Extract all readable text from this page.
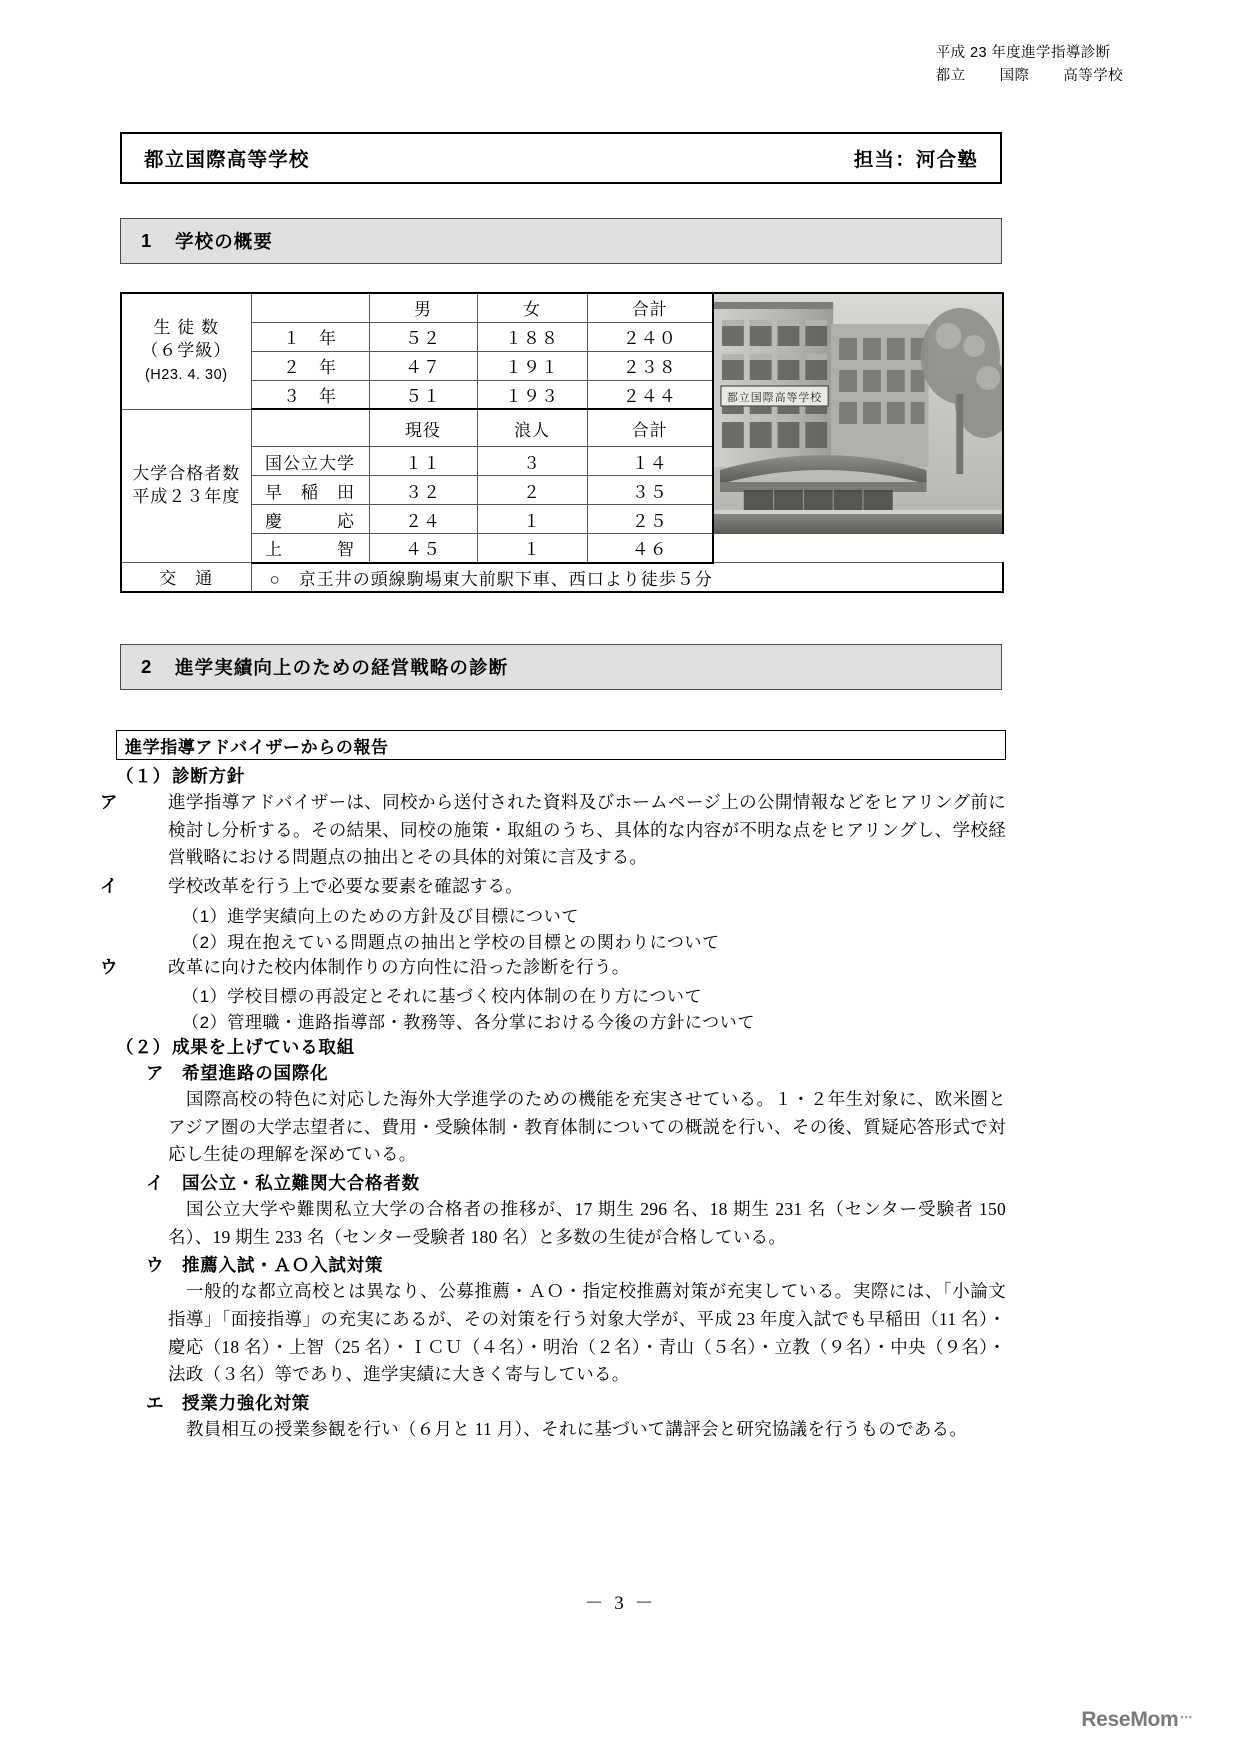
平成 23 年度進学指導診断
都立 国際 高等学校
都立国際高等学校	担当：河合塾
1	学校の概要
生 徒 数
（６学級）
(H23. 4. 30)		男	女	合計	都立国際高等学校

	１　年	５２	１８８	２４０	
	２　年	４７	１９１	２３８	
	３　年	５１	１９３	２４４	

大学合格者数
平成２３年度		現役	浪人	合計	
	国公立大学	１１	３	１４	
	早　稲　田	３２	２	３５	
	慶　　　応	２４	１	２５	
	上　　　智	４５	１	４６	
交　通	○　京王井の頭線駒場東大前駅下車、西口より徒歩５分				
2	進学実績向上のための経営戦略の診断
進学指導アドバイザーからの報告

（１）診断方針

ア	進学指導アドバイザーは、同校から送付された資料及びホームページ上の公開情報などをヒアリング前に検討し分析する。その結果、同校の施策・取組のうち、具体的な内容が不明な点をヒアリングし、学校経営戦略における問題点の抽出とその具体的対策に言及する。

イ	学校改革を行う上で必要な要素を確認する。

（1）進学実績向上のための方針及び目標について

（2）現在抱えている問題点の抽出と学校の目標との関わりについて

ウ	改革に向けた校内体制作りの方向性に沿った診断を行う。

（1）学校目標の再設定とそれに基づく校内体制の在り方について

（2）管理職・進路指導部・教務等、各分掌における今後の方針について

（２）成果を上げている取組

ア 希望進路の国際化

国際高校の特色に対応した海外大学進学のための機能を充実させている。１・２年生対象に、欧米圏とアジア圏の大学志望者に、費用・受験体制・教育体制についての概説を行い、その後、質疑応答形式で対応し生徒の理解を深めている。

イ 国公立・私立難関大合格者数

国公立大学や難関私立大学の合格者の推移が、17 期生 296 名、18 期生 231 名（センター受験者 150 名）、19 期生 233 名（センター受験者 180 名）と多数の生徒が合格している。

ウ 推薦入試・ＡＯ入試対策

一般的な都立高校とは異なり、公募推薦・ＡＯ・指定校推薦対策が充実している。実際には、「小論文指導」「面接指導」の充実にあるが、その対策を行う対象大学が、平成 23 年度入試でも早稲田（11 名）・慶応（18 名）・上智（25 名）・ＩＣＵ（４名）・明治（２名）・青山（５名）・立教（９名）・中央（９名）・法政（３名）等であり、進学実績に大きく寄与している。

エ 授業力強化対策

教員相互の授業参観を行い（６月と 11 月）、それに基づいて講評会と研究協議を行うものである。

－ 3 －
ReseMom ▪▪▪
